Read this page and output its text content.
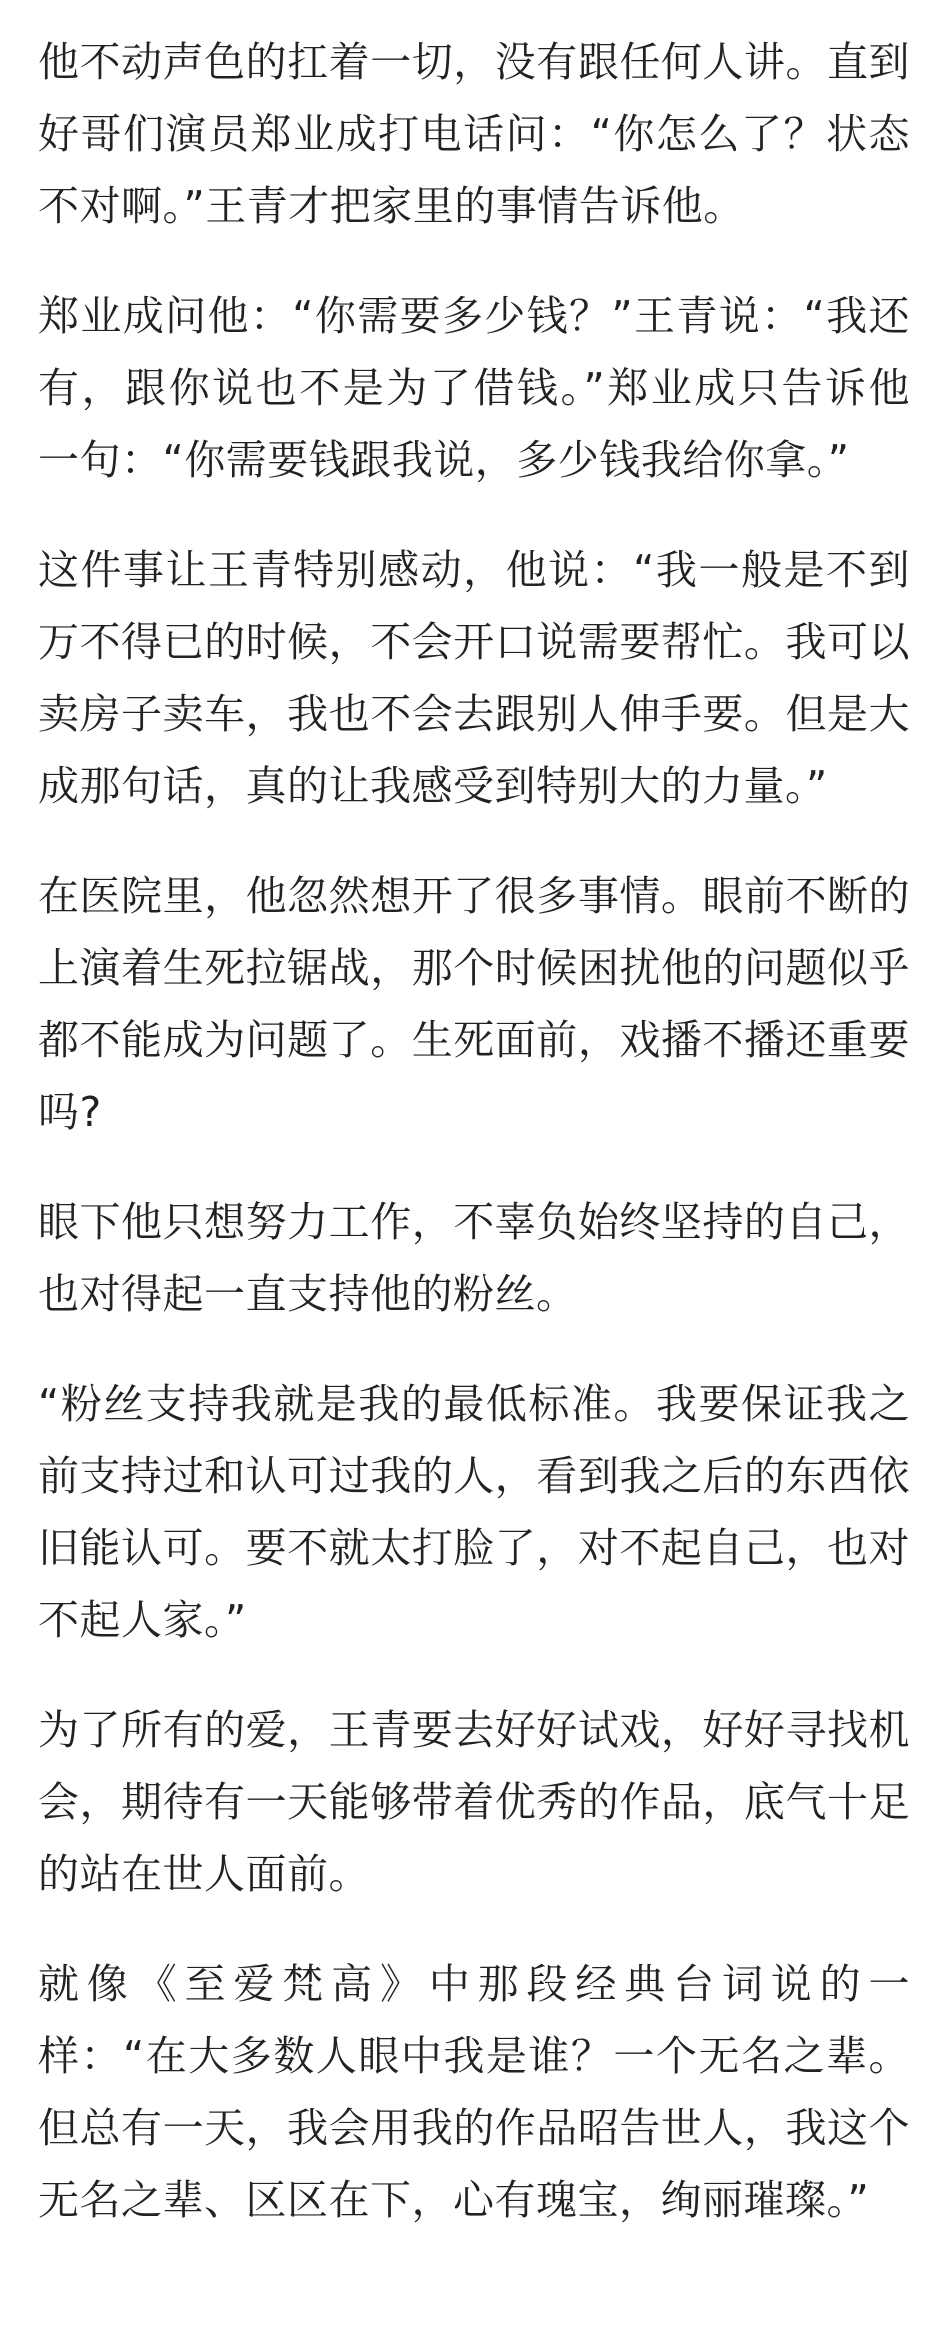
他不动声色的扛着一切，没有跟任何人讲。直到好哥们演员郑业成打电话问：“你怎么了？状态不对啊。”王青才把家里的事情告诉他。

郑业成问他：“你需要多少钱？”王青说：“我还有，跟你说也不是为了借钱。”郑业成只告诉他一句：“你需要钱跟我说，多少钱我给你拿。”

这件事让王青特别感动，他说：“我一般是不到万不得已的时候，不会开口说需要帮忙。我可以卖房子卖车，我也不会去跟别人伸手要。但是大成那句话，真的让我感受到特别大的力量。”

在医院里，他忽然想开了很多事情。眼前不断的上演着生死拉锯战，那个时候困扰他的问题似乎都不能成为问题了。生死面前，戏播不播还重要吗?

眼下他只想努力工作，不辜负始终坚持的自己，也对得起一直支持他的粉丝。

“粉丝支持我就是我的最低标准。我要保证我之前支持过和认可过我的人，看到我之后的东西依旧能认可。要不就太打脸了，对不起自己，也对不起人家。”

为了所有的爱，王青要去好好试戏，好好寻找机会，期待有一天能够带着优秀的作品，底气十足的站在世人面前。

就像《至爱梵高》中那段经典台词说的一样：“在大多数人眼中我是谁？一个无名之辈。但总有一天，我会用我的作品昭告世人，我这个无名之辈、区区在下，心有瑰宝，绚丽璀璨。”
